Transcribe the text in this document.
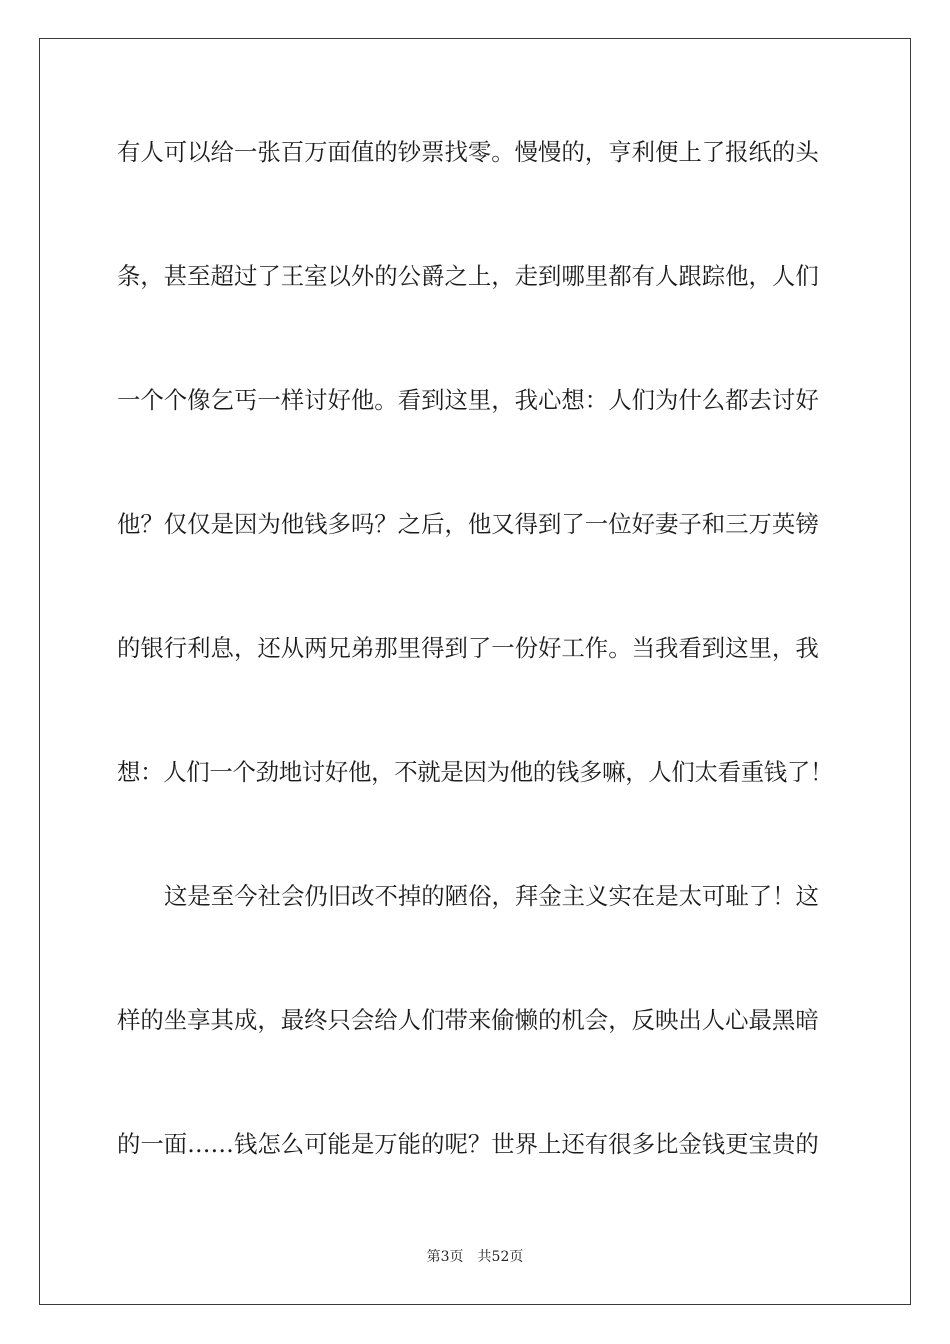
有人可以给一张百万面值的钞票找零。慢慢的，亨利便上了报纸的头
条，甚至超过了王室以外的公爵之上，走到哪里都有人跟踪他，人们
一个个像乞丐一样讨好他。看到这里，我心想：人们为什么都去讨好
他？仅仅是因为他钱多吗？之后，他又得到了一位好妻子和三万英镑
的银行利息，还从两兄弟那里得到了一份好工作。当我看到这里，我
想：人们一个劲地讨好他，不就是因为他的钱多嘛，人们太看重钱了！
这是至今社会仍旧改不掉的陋俗，拜金主义实在是太可耻了！这
样的坐享其成，最终只会给人们带来偷懒的机会，反映出人心最黑暗
的一面……钱怎么可能是万能的呢？世界上还有很多比金钱更宝贵的
第3页 共52页
